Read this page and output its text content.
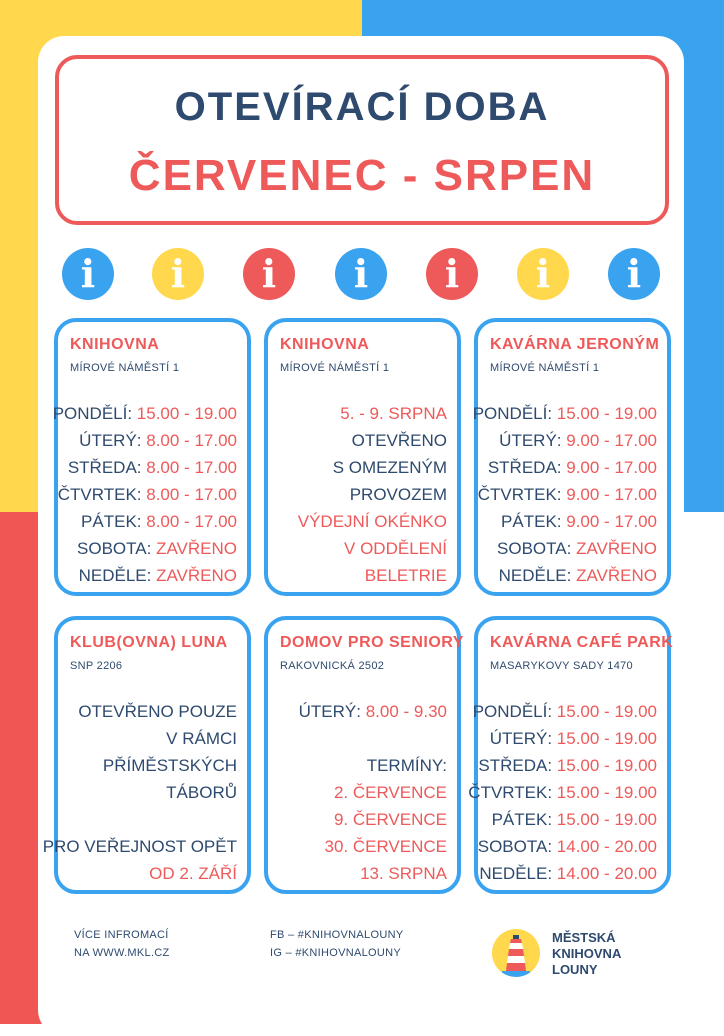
OTEVÍRACÍ DOBA
ČERVENEC - SRPEN
i	i	i	i	i	i	i
KNIHOVNA
MÍROVÉ NÁMĚSTÍ 1
PONDĚLÍ: 15.00 - 19.00
ÚTERÝ: 8.00 - 17.00
STŘEDA: 8.00 - 17.00
ČTVRTEK: 8.00 - 17.00
PÁTEK: 8.00 - 17.00
SOBOTA: ZAVŘENO
NEDĚLE: ZAVŘENO
KNIHOVNA
MÍROVÉ NÁMĚSTÍ 1
5. - 9. SRPNA
OTEVŘENO
S OMEZENÝM
PROVOZEM
VÝDEJNÍ OKÉNKO
V ODDĚLENÍ
BELETRIE
KAVÁRNA JERONÝM
MÍROVÉ NÁMĚSTÍ 1
PONDĚLÍ: 15.00 - 19.00
ÚTERÝ: 9.00 - 17.00
STŘEDA: 9.00 - 17.00
ČTVRTEK: 9.00 - 17.00
PÁTEK: 9.00 - 17.00
SOBOTA: ZAVŘENO
NEDĚLE: ZAVŘENO
KLUB(OVNA) LUNA
SNP 2206
OTEVŘENO POUZE
V RÁMCI
PŘÍMĚSTSKÝCH
TÁBORŮ

PRO VEŘEJNOST OPĚT
OD 2. ZÁŘÍ
DOMOV PRO SENIORY
RAKOVNICKÁ 2502
ÚTERÝ: 8.00 - 9.30

TERMÍNY:
2. ČERVENCE
9. ČERVENCE
30. ČERVENCE
13. SRPNA
KAVÁRNA CAFÉ PARK
MASARYKOVY SADY 1470
PONDĚLÍ: 15.00 - 19.00
ÚTERÝ: 15.00 - 19.00
STŘEDA: 15.00 - 19.00
ČTVRTEK: 15.00 - 19.00
PÁTEK: 15.00 - 19.00
SOBOTA: 14.00 - 20.00
NEDĚLE: 14.00 - 20.00
VÍCE INFROMACÍ
NA WWW.MKL.CZ
FB – #KNIHOVNALOUNY
IG – #KNIHOVNALOUNY
MĚSTSKÁ
KNIHOVNA
LOUNY
